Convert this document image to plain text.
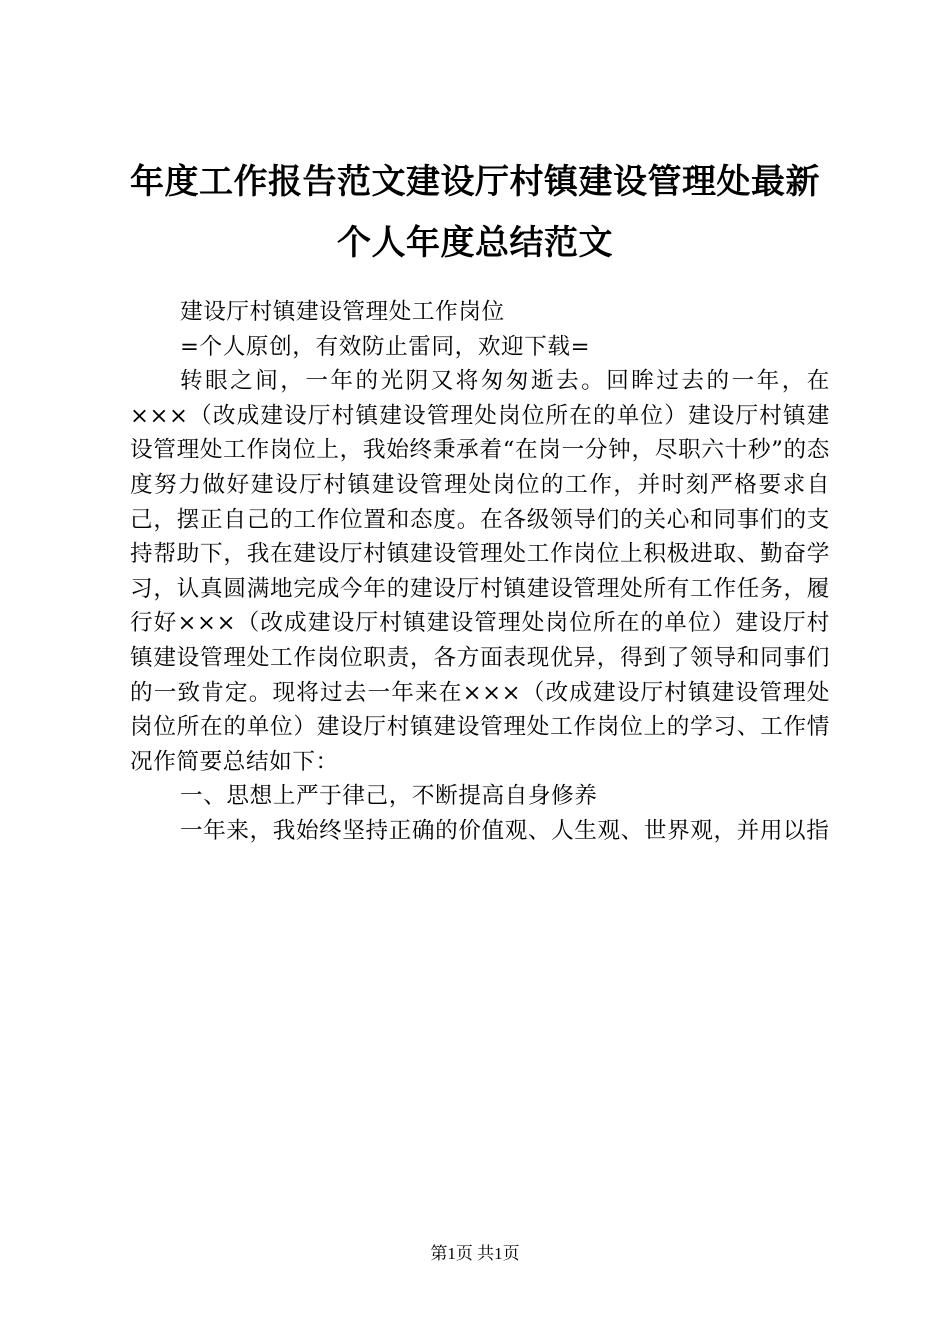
年度工作报告范文建设厅村镇建设管理处最新
个人年度总结范文

建设厅村镇建设管理处工作岗位

=个人原创，有效防止雷同，欢迎下载=

转眼之间，一年的光阴又将匆匆逝去。回眸过去的一年，在×××（改成建设厅村镇建设管理处岗位所在的单位）建设厅村镇建设管理处工作岗位上，我始终秉承着“在岗一分钟，尽职六十秒”的态度努力做好建设厅村镇建设管理处岗位的工作，并时刻严格要求自己，摆正自己的工作位置和态度。在各级领导们的关心和同事们的支持帮助下，我在建设厅村镇建设管理处工作岗位上积极进取、勤奋学习，认真圆满地完成今年的建设厅村镇建设管理处所有工作任务，履行好×××（改成建设厅村镇建设管理处岗位所在的单位）建设厅村镇建设管理处工作岗位职责，各方面表现优异，得到了领导和同事们的一致肯定。现将过去一年来在×××（改成建设厅村镇建设管理处岗位所在的单位）建设厅村镇建设管理处工作岗位上的学习、工作情况作简要总结如下：

一、思想上严于律己，不断提高自身修养

一年来，我始终坚持正确的价值观、人生观、世界观，并用以指

第1页 共1页
